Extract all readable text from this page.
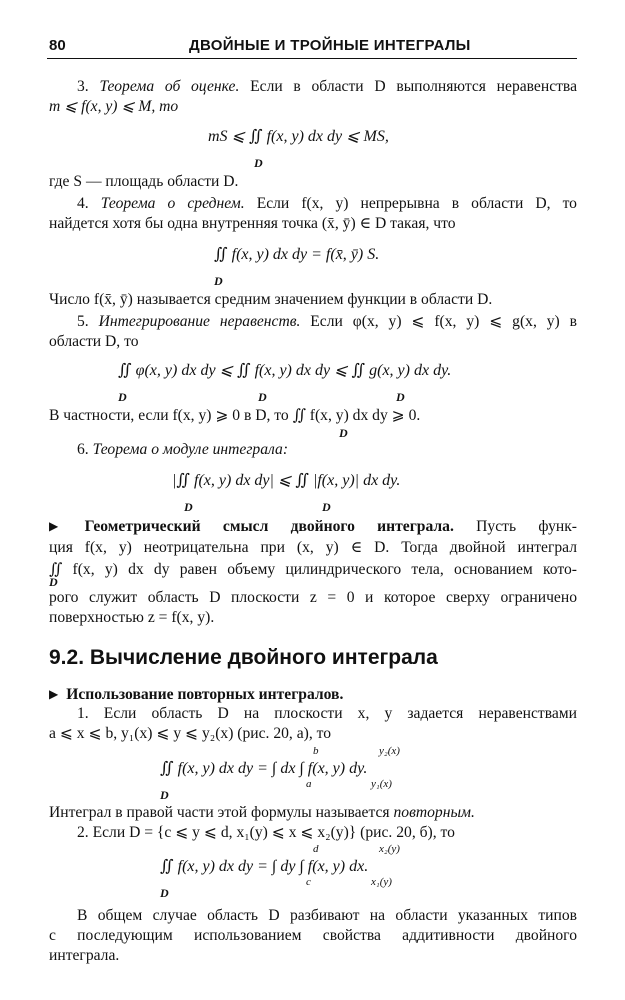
80	ДВОЙНЫЕ И ТРОЙНЫЕ ИНТЕГРАЛЫ
3. Теорема об оценке. Если в области D выполняются неравенства
m ⩽ f(x, y) ⩽ M, то
mS ⩽ ∬ f(x, y) dx dy ⩽ MS,
D
где S — площадь области D.
4. Теорема о среднем. Если f(x, y) непрерывна в области D, то
найдется хотя бы одна внутренняя точка (x̄, ȳ) ∈ D такая, что
∬ f(x, y) dx dy = f(x̄, ȳ) S.
D
Число f(x̄, ȳ) называется средним значением функции в области D.
5. Интегрирование неравенств. Если φ(x, y) ⩽ f(x, y) ⩽ g(x, y) в
области D, то
∬ φ(x, y) dx dy ⩽ ∬ f(x, y) dx dy ⩽ ∬ g(x, y) dx dy.
D	D	D
В частности, если f(x, y) ⩾ 0 в D, то ∬ f(x, y) dx dy ⩾ 0.
D
6. Теорема о модуле интеграла:
|∬ f(x, y) dx dy| ⩽ ∬ |f(x, y)| dx dy.
D	D
▶ Геометрический смысл двойного интеграла. Пусть функ-
ция f(x, y) неотрицательна при (x, y) ∈ D. Тогда двойной интеграл
∬ f(x, y) dx dy равен объему цилиндрического тела, основанием кото-
D
рого служит область D плоскости z = 0 и которое сверху ограничено
поверхностью z = f(x, y).
9.2. Вычисление двойного интеграла
▶ Использование повторных интегралов.
1. Если область D на плоскости x, y задается неравенствами
a ⩽ x ⩽ b, y₁(x) ⩽ y ⩽ y₂(x) (рис. 20, а), то
∬ f(x, y) dx dy = ∫ dx ∫ f(x, y) dy.
b
a
y₂(x)
y₁(x)
D
Интеграл в правой части этой формулы называется повторным.
2. Если D = {c ⩽ y ⩽ d, x₁(y) ⩽ x ⩽ x₂(y)} (рис. 20, б), то
∬ f(x, y) dx dy = ∫ dy ∫ f(x, y) dx.
d
c
x₂(y)
x₁(y)
D
В общем случае область D разбивают на области указанных типов
с последующим использованием свойства аддитивности двойного
интеграла.
